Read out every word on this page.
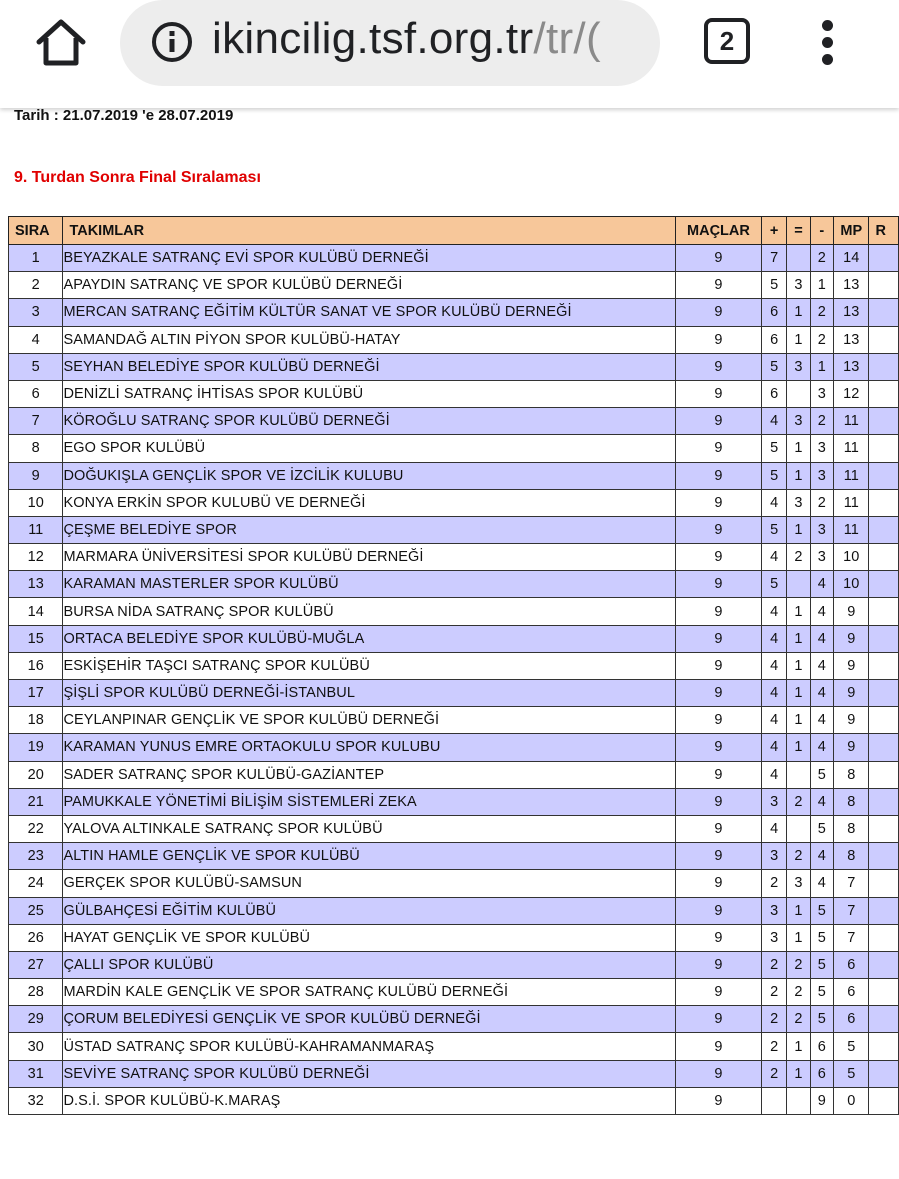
ikincilig.tsf.org.tr/tr/(	2
Tarih : 21.07.2019 'e 28.07.2019
9. Turdan Sonra Final Sıralaması
SIRA	TAKIMLAR	MAÇLAR	+	=	-	MP	R
1	BEYAZKALE SATRANÇ EVİ SPOR KULÜBÜ DERNEĞİ	9	7		2	14	
2	APAYDIN SATRANÇ VE SPOR KULÜBÜ DERNEĞİ	9	5	3	1	13	
3	MERCAN SATRANÇ EĞİTİM KÜLTÜR SANAT VE SPOR KULÜBÜ DERNEĞİ	9	6	1	2	13	
4	SAMANDAĞ ALTIN PİYON SPOR KULÜBÜ-HATAY	9	6	1	2	13	
5	SEYHAN BELEDİYE SPOR KULÜBÜ DERNEĞİ	9	5	3	1	13	
6	DENİZLİ SATRANÇ İHTİSAS SPOR KULÜBÜ	9	6		3	12	
7	KÖROĞLU SATRANÇ SPOR KULÜBÜ DERNEĞİ	9	4	3	2	11	
8	EGO SPOR KULÜBÜ	9	5	1	3	11	
9	DOĞUKIŞLA GENÇLİK SPOR VE İZCİLİK KULUBU	9	5	1	3	11	
10	KONYA ERKİN SPOR KULUBÜ VE DERNEĞİ	9	4	3	2	11	
11	ÇEŞME BELEDİYE SPOR	9	5	1	3	11	
12	MARMARA ÜNİVERSİTESİ SPOR KULÜBÜ DERNEĞİ	9	4	2	3	10	
13	KARAMAN MASTERLER SPOR KULÜBÜ	9	5		4	10	
14	BURSA NİDA SATRANÇ SPOR KULÜBÜ	9	4	1	4	9	
15	ORTACA BELEDİYE SPOR KULÜBÜ-MUĞLA	9	4	1	4	9	
16	ESKİŞEHİR TAŞCI SATRANÇ SPOR KULÜBÜ	9	4	1	4	9	
17	ŞİŞLİ SPOR KULÜBÜ DERNEĞİ-İSTANBUL	9	4	1	4	9	
18	CEYLANPINAR GENÇLİK VE SPOR KULÜBÜ DERNEĞİ	9	4	1	4	9	
19	KARAMAN YUNUS EMRE ORTAOKULU SPOR KULUBU	9	4	1	4	9	
20	SADER SATRANÇ SPOR KULÜBÜ-GAZİANTEP	9	4		5	8	
21	PAMUKKALE YÖNETİMİ BİLİŞİM SİSTEMLERİ ZEKA	9	3	2	4	8	
22	YALOVA ALTINKALE SATRANÇ SPOR KULÜBÜ	9	4		5	8	
23	ALTIN HAMLE GENÇLİK VE SPOR KULÜBÜ	9	3	2	4	8	
24	GERÇEK SPOR KULÜBÜ-SAMSUN	9	2	3	4	7	
25	GÜLBAHÇESİ EĞİTİM KULÜBÜ	9	3	1	5	7	
26	HAYAT GENÇLİK VE SPOR KULÜBÜ	9	3	1	5	7	
27	ÇALLI SPOR KULÜBÜ	9	2	2	5	6	
28	MARDİN KALE GENÇLİK VE SPOR SATRANÇ KULÜBÜ DERNEĞİ	9	2	2	5	6	
29	ÇORUM BELEDİYESİ GENÇLİK VE SPOR KULÜBÜ DERNEĞİ	9	2	2	5	6	
30	ÜSTAD SATRANÇ SPOR KULÜBÜ-KAHRAMANMARAŞ	9	2	1	6	5	
31	SEVİYE SATRANÇ SPOR KULÜBÜ DERNEĞİ	9	2	1	6	5	
32	D.S.İ. SPOR KULÜBÜ-K.MARAŞ	9			9	0	
